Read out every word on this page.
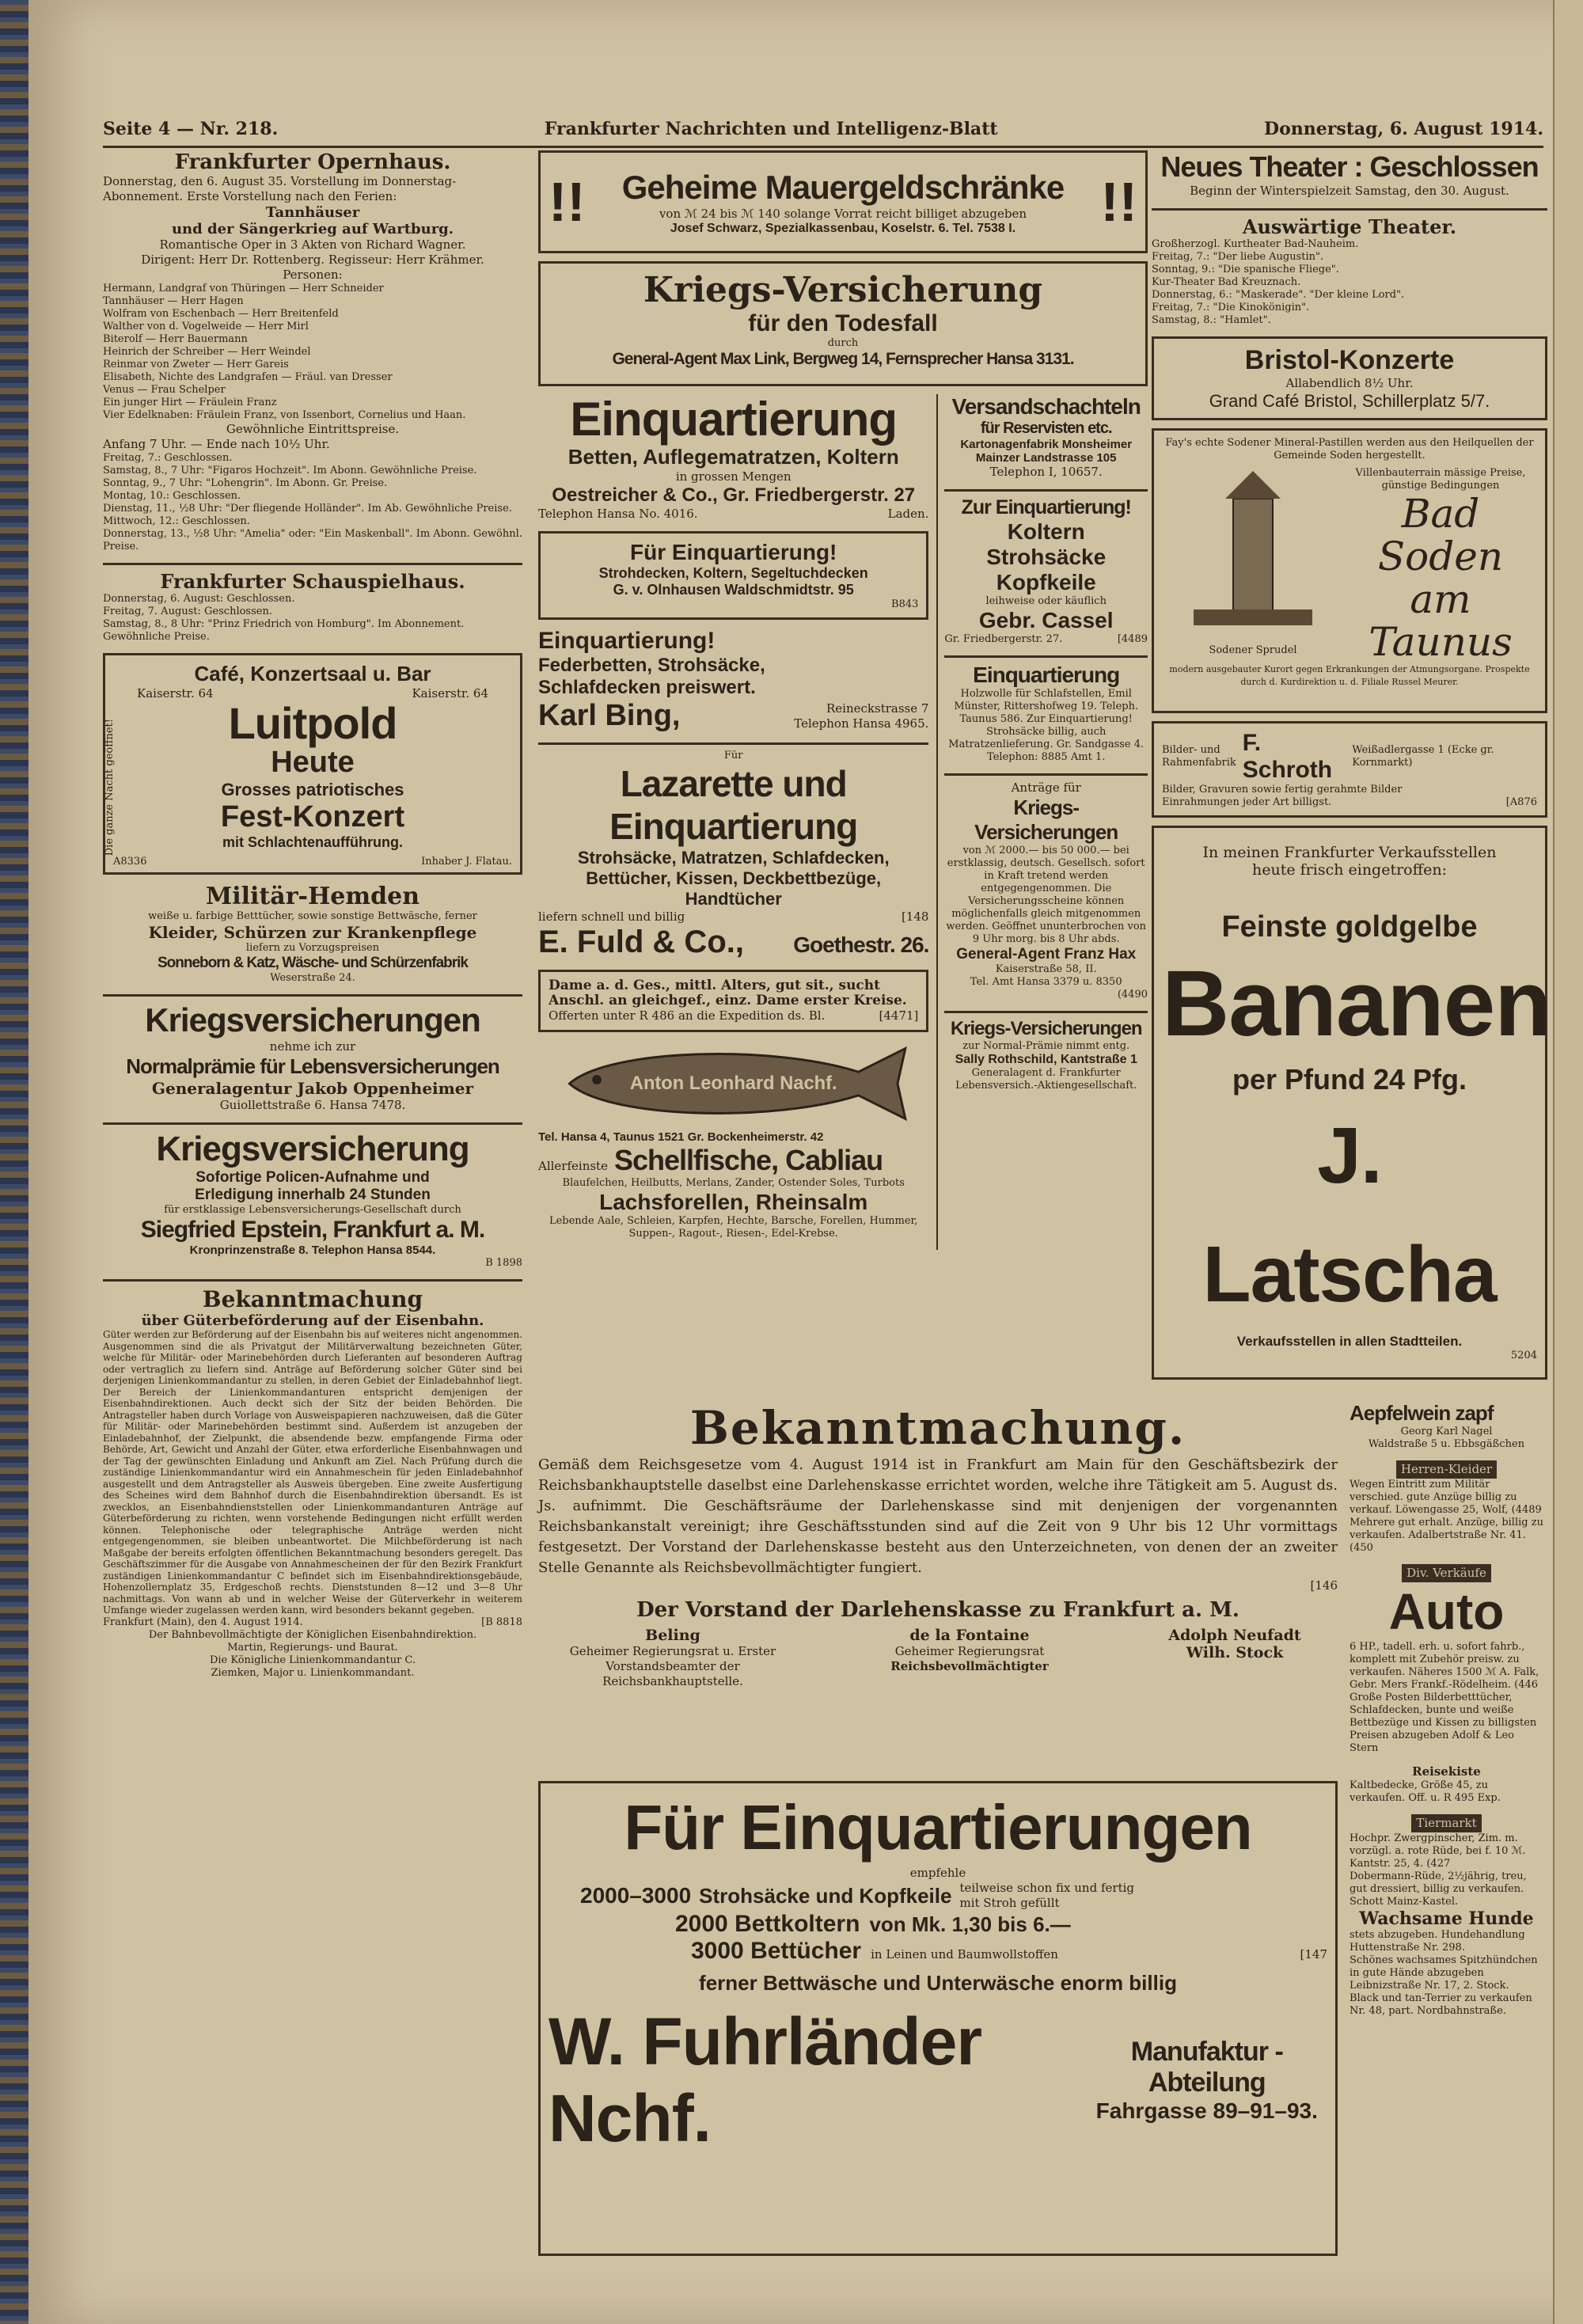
Seite 4 — Nr. 218.	Frankfurter Nachrichten und Intelligenz-Blatt	Donnerstag, 6. August 1914.
Frankfurter Opernhaus.
Donnerstag, den 6. August 35. Vorstellung im Donnerstag-Abonnement. Erste Vorstellung nach den Ferien:
Tannhäuser
und der Sängerkrieg auf Wartburg.
Romantische Oper in 3 Akten von Richard Wagner.
Dirigent: Herr Dr. Rottenberg. Regisseur: Herr Krähmer.
Personen:
Hermann, Landgraf von Thüringen — Herr Schneider
Tannhäuser — Herr Hagen
Wolfram von Eschenbach — Herr Breitenfeld
Walther von d. Vogelweide — Herr Mirl
Biterolf — Herr Bauermann
Heinrich der Schreiber — Herr Weindel
Reinmar von Zweter — Herr Gareis
Elisabeth, Nichte des Landgrafen — Fräul. van Dresser
Venus — Frau Schelper
Ein junger Hirt — Fräulein Franz
Vier Edelknaben: Fräulein Franz, von Issenbort, Cornelius und Haan.
Gewöhnliche Eintrittspreise.
Anfang 7 Uhr. — Ende nach 10½ Uhr.
Freitag, 7.: Geschlossen.
Samstag, 8., 7 Uhr: "Figaros Hochzeit". Im Abonn. Gewöhnliche Preise.
Sonntag, 9., 7 Uhr: "Lohengrin". Im Abonn. Gr. Preise.
Montag, 10.: Geschlossen.
Dienstag, 11., ½8 Uhr: "Der fliegende Holländer". Im Ab. Gewöhnliche Preise.
Mittwoch, 12.: Geschlossen.
Donnerstag, 13., ½8 Uhr: "Amelia" oder: "Ein Maskenball". Im Abonn. Gewöhnl. Preise.
Frankfurter Schauspielhaus.
Donnerstag, 6. August: Geschlossen.
Freitag, 7. August: Geschlossen.
Samstag, 8., 8 Uhr: "Prinz Friedrich von Homburg". Im Abonnement. Gewöhnliche Preise.
Café, Konzertsaal u. Bar
Kaiserstr. 64	Kaiserstr. 64
Luitpold
Heute
Grosses patriotisches
Fest-Konzert
mit Schlachtenaufführung.
A8336	Inhaber J. Flatau.
Die ganze Nacht geöffnet!
Militär-Hemden
weiße u. farbige Betttücher, sowie sonstige Bettwäsche, ferner
Kleider, Schürzen zur Krankenpflege
liefern zu Vorzugspreisen
Sonneborn & Katz, Wäsche- und Schürzenfabrik
Weserstraße 24.
Kriegsversicherungen
nehme ich zur
Normalprämie für Lebensversicherungen
Generalagentur Jakob Oppenheimer
Guiollettstraße 6. Hansa 7478.
Kriegsversicherung
Sofortige Policen-Aufnahme und
Erledigung innerhalb 24 Stunden
für erstklassige Lebensversicherungs-Gesellschaft durch
Siegfried Epstein, Frankfurt a. M.
Kronprinzenstraße 8. Telephon Hansa 8544.
B 1898
Bekanntmachung
über Güterbeförderung auf der Eisenbahn.
Güter werden zur Beförderung auf der Eisenbahn bis auf weiteres nicht angenommen. Ausgenommen sind die als Privatgut der Militärverwaltung bezeichneten Güter, welche für Militär- oder Marinebehörden durch Lieferanten auf besonderen Auftrag oder vertraglich zu liefern sind. Anträge auf Beförderung solcher Güter sind bei derjenigen Linienkommandantur zu stellen, in deren Gebiet der Einladebahnhof liegt. Der Bereich der Linienkommandanturen entspricht demjenigen der Eisenbahndirektionen. Auch deckt sich der Sitz der beiden Behörden. Die Antragsteller haben durch Vorlage von Ausweispapieren nachzuweisen, daß die Güter für Militär- oder Marinebehörden bestimmt sind. Außerdem ist anzugeben der Einladebahnhof, der Zielpunkt, die absendende bezw. empfangende Firma oder Behörde, Art, Gewicht und Anzahl der Güter, etwa erforderliche Eisenbahnwagen und der Tag der gewünschten Einladung und Ankunft am Ziel. Nach Prüfung durch die zuständige Linienkommandantur wird ein Annahmeschein für jeden Einladebahnhof ausgestellt und dem Antragsteller als Ausweis übergeben. Eine zweite Ausfertigung des Scheines wird dem Bahnhof durch die Eisenbahndirektion übersandt. Es ist zwecklos, an Eisenbahndienststellen oder Linienkommandanturen Anträge auf Güterbeförderung zu richten, wenn vorstehende Bedingungen nicht erfüllt werden können. Telephonische oder telegraphische Anträge werden nicht entgegengenommen, sie bleiben unbeantwortet. Die Milchbeförderung ist nach Maßgabe der bereits erfolgten öffentlichen Bekanntmachung besonders geregelt. Das Geschäftszimmer für die Ausgabe von Annahmescheinen der für den Bezirk Frankfurt zuständigen Linienkommandantur C befindet sich im Eisenbahndirektionsgebäude, Hohenzollernplatz 35, Erdgeschoß rechts. Dienststunden 8—12 und 3—8 Uhr nachmittags. Von wann ab und in welcher Weise der Güterverkehr in weiterem Umfange wieder zugelassen werden kann, wird besonders bekannt gegeben.
Frankfurt (Main), den 4. August 1914.	[B 8818
Der Bahnbevollmächtigte der Königlichen Eisenbahndirektion.
Martin, Regierungs- und Baurat.
Die Königliche Linienkommandantur C.
Ziemken, Major u. Linienkommandant.
!!	Geheime Mauergeldschränke
von ℳ 24 bis ℳ 140 solange Vorrat reicht billiget abzugeben
Josef Schwarz, Spezialkassenbau, Koselstr. 6. Tel. 7538 I.	!!
Kriegs-Versicherung
für den Todesfall
durch
General-Agent Max Link, Bergweg 14, Fernsprecher Hansa 3131.
Einquartierung
Betten, Auflegematratzen, Koltern
in grossen Mengen
Oestreicher & Co., Gr. Friedbergerstr. 27
Telephon Hansa No. 4016.	Laden.
Für Einquartierung!
Strohdecken, Koltern, Segeltuchdecken
G. v. Olnhausen Waldschmidtstr. 95
B843
Einquartierung!
Federbetten, Strohsäcke,
Schlafdecken preiswert.
Karl Bing,	Reineckstrasse 7
Telephon Hansa 4965.
Für
Lazarette und Einquartierung
Strohsäcke, Matratzen, Schlafdecken, Bettücher, Kissen, Deckbettbezüge, Handtücher
liefern schnell und billig	[148
E. Fuld & Co., Goethestr. 26.
Dame a. d. Ges., mittl. Alters, gut sit., sucht
Anschl. an gleichgef., einz. Dame erster Kreise.
Offerten unter R 486 an die Expedition ds. Bl.	[4471]
Anton Leonhard Nachf.
Tel. Hansa 4, Taunus 1521 Gr. Bockenheimerstr. 42
Allerfeinste Schellfische, Cabliau
Blaufelchen, Heilbutts, Merlans, Zander, Ostender Soles, Turbots
Lachsforellen, Rheinsalm
Lebende Aale, Schleien, Karpfen, Hechte, Barsche, Forellen, Hummer, Suppen-, Ragout-, Riesen-, Edel-Krebse.
Versandschachteln
für Reservisten etc.
Kartonagenfabrik Monsheimer
Mainzer Landstrasse 105
Telephon I, 10657.
Zur Einquartierung!
Koltern
Strohsäcke
Kopfkeile
leihweise oder käuflich
Gebr. Cassel
Gr. Friedbergerstr. 27.	[4489
Einquartierung
Holzwolle für Schlafstellen, Emil Münster, Rittershofweg 19. Teleph. Taunus 586. Zur Einquartierung! Strohsäcke billig, auch Matratzenlieferung. Gr. Sandgasse 4. Telephon: 8885 Amt 1.
Anträge für
Kriegs-Versicherungen
von ℳ 2000.— bis 50 000.— bei erstklassig, deutsch. Gesellsch. sofort in Kraft tretend werden entgegengenommen. Die Versicherungsscheine können möglichenfalls gleich mitgenommen werden. Geöffnet ununterbrochen von 9 Uhr morg. bis 8 Uhr abds.
General-Agent Franz Hax
Kaiserstraße 58, II.
Tel. Amt Hansa 3379 u. 8350
(4490
Kriegs-Versicherungen
zur Normal-Prämie nimmt entg.
Sally Rothschild, Kantstraße 1
Generalagent d. Frankfurter Lebensversich.-Aktiengesellschaft.
Bekanntmachung.
Gemäß dem Reichsgesetze vom 4. August 1914 ist in Frankfurt am Main für den Geschäftsbezirk der Reichsbankhauptstelle daselbst eine Darlehenskasse errichtet worden, welche ihre Tätigkeit am 5. August ds. Js. aufnimmt. Die Geschäftsräume der Darlehenskasse sind mit denjenigen der vorgenannten Reichsbankanstalt vereinigt; ihre Geschäftsstunden sind auf die Zeit von 9 Uhr bis 12 Uhr vormittags festgesetzt. Der Vorstand der Darlehenskasse besteht aus den Unterzeichneten, von denen der an zweiter Stelle Genannte als Reichsbevollmächtigter fungiert.
[146
Der Vorstand der Darlehenskasse zu Frankfurt a. M.
Beling
Geheimer Regierungsrat u. Erster Vorstandsbeamter der Reichsbankhauptstelle.
de la Fontaine
Geheimer Regierungsrat
Reichsbevollmächtigter
Adolph Neufadt
Wilh. Stock
Für Einquartierungen
empfehle
2000–3000 Strohsäcke und Kopfkeile teilweise schon fix und fertig mit Stroh gefüllt
2000 Bettkoltern von Mk. 1,30 bis 6.—
3000 Bettücher in Leinen und Baumwollstoffen	[147
ferner Bettwäsche und Unterwäsche enorm billig
W. Fuhrländer Nchf.
Manufaktur - Abteilung
Fahrgasse 89–91–93.
Neues Theater : Geschlossen
Beginn der Winterspielzeit Samstag, den 30. August.
Auswärtige Theater.
Großherzogl. Kurtheater Bad-Nauheim.
Freitag, 7.: "Der liebe Augustin".
Sonntag, 9.: "Die spanische Fliege".
Kur-Theater Bad Kreuznach.
Donnerstag, 6.: "Maskerade". "Der kleine Lord".
Freitag, 7.: "Die Kinokönigin".
Samstag, 8.: "Hamlet".
Bristol-Konzerte
Allabendlich 8½ Uhr.
Grand Café Bristol, Schillerplatz 5/7.
Fay's echte Sodener Mineral-Pastillen werden aus den Heilquellen der Gemeinde Soden hergestellt.
Sodener Sprudel
Villenbauterrain mässige Preise, günstige Bedingungen
Bad Soden am Taunus
modern ausgebauter Kurort gegen Erkrankungen der Atmungsorgane. Prospekte durch d. Kurdirektion u. d. Filiale Russel Meurer.
Bilder- und
Rahmenfabrik
F. Schroth
Weißadlergasse 1 (Ecke gr. Kornmarkt)
Bilder, Gravuren sowie fertig gerahmte Bilder
Einrahmungen jeder Art billigst.	[A876
In meinen Frankfurter Verkaufsstellen
heute frisch eingetroffen:
Feinste goldgelbe
Bananen
per Pfund 24 Pfg.
J. Latscha
Verkaufsstellen in allen Stadtteilen.
5204
Aepfelwein zapf
Georg Karl Nagel
Waldstraße 5 u. Ebbsgäßchen
Herren-Kleider
Wegen Eintritt zum Militär verschied. gute Anzüge billig zu verkauf. Löwengasse 25, Wolf, (4489
Mehrere gut erhalt. Anzüge, billig zu verkaufen. Adalbertstraße Nr. 41. (450
Div. Verkäufe
Auto
6 HP., tadell. erh. u. sofort fahrb., komplett mit Zubehör preisw. zu verkaufen. Näheres 1500 ℳ A. Falk, Gebr. Mers Frankf.-Rödelheim. (446
Große Posten Bilderbetttücher, Schlafdecken, bunte und weiße Bettbezüge und Kissen zu billigsten Preisen abzugeben Adolf & Leo Stern
Reisekiste
Kaltbedecke, Größe 45, zu verkaufen. Off. u. R 495 Exp.
Tiermarkt
Hochpr. Zwergpinscher, Zim. m. vorzügl. a. rote Rüde, bei f. 10 ℳ. Kantstr. 25, 4. (427
Dobermann-Rüde, 2½jährig, treu, gut dressiert, billig zu verkaufen. Schott Mainz-Kastel.
Wachsame Hunde
stets abzugeben. Hundehandlung Huttenstraße Nr. 298.
Schönes wachsames Spitzhündchen in gute Hände abzugeben Leibnizstraße Nr. 17, 2. Stock.
Black und tan-Terrier zu verkaufen Nr. 48, part. Nordbahnstraße.
